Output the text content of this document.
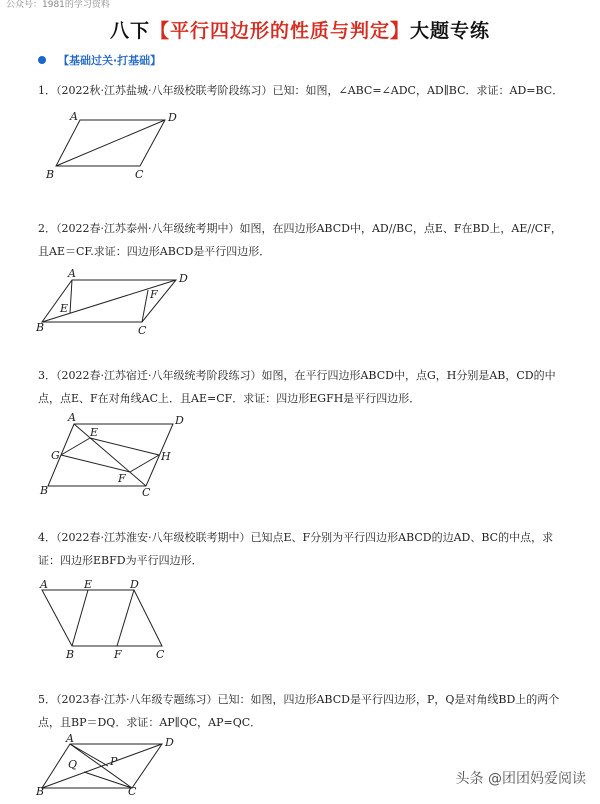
公众号：1981的学习资料
八下【平行四边形的性质与判定】大题专练
【基础过关·打基础】
1．（2022秋·江苏盐城·八年级校联考阶段练习）已知：如图，∠ABC=∠ADC，AD∥BC．求证：AD=BC．
A	D
B	C
2．（2022春·江苏泰州·八年级统考期中）如图，在四边形ABCD中，AD//BC，点E、F在BD上，AE//CF，且AE＝CF.求证：四边形ABCD是平行四边形．
A	D
E
F
B	C
3．（2022春·江苏宿迁·八年级统考阶段练习）如图，在平行四边形ABCD中，点G，H分别是AB，CD的中点，点E、F在对角线AC上．且AE=CF．求证：四边形EGFH是平行四边形．
A	D
E
G	H
F
B	C
4．（2022春·江苏淮安·八年级校联考期中）已知点E、F分别为平行四边形ABCD的边AD、BC的中点，求证：四边形EBFD为平行四边形．
A	E	D
B	F	C
5．（2023春·江苏·八年级专题练习）已知：如图，四边形ABCD是平行四边形，P，Q是对角线BD上的两个点，且BP＝DQ．求证：AP∥QC，AP=QC．
A	D
Q	P
B	C
头条 @团团妈爱阅读
